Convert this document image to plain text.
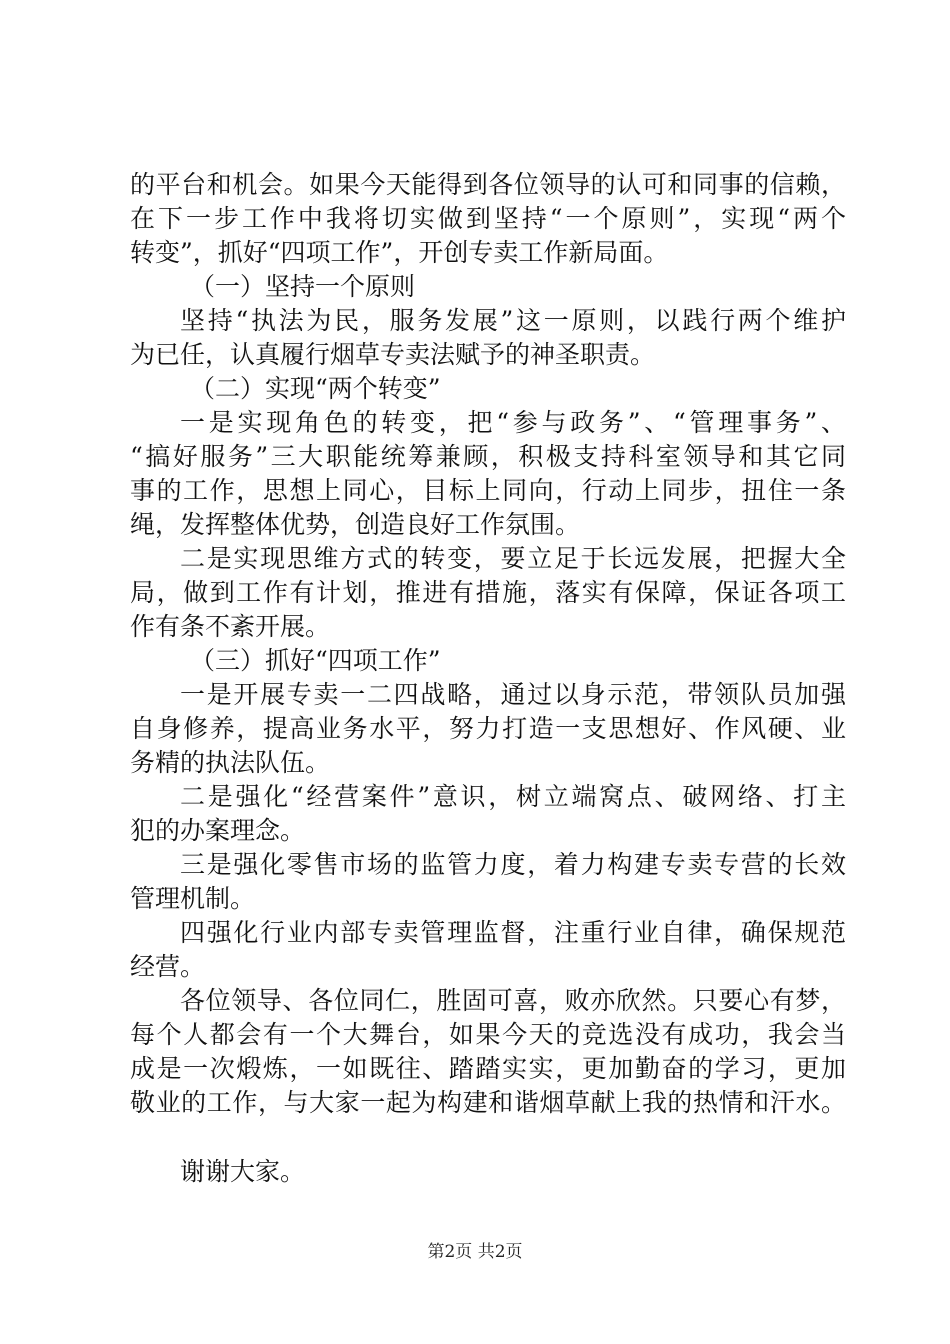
的平台和机会。如果今天能得到各位领导的认可和同事的信赖，
在下一步工作中我将切实做到坚持“一个原则”，实现“两个
转变”，抓好“四项工作”，开创专卖工作新局面。
（一）坚持一个原则
坚持“执法为民，服务发展”这一原则，以践行两个维护
为已任，认真履行烟草专卖法赋予的神圣职责。
（二）实现“两个转变”
一是实现角色的转变，把“参与政务”、“管理事务”、
“搞好服务”三大职能统筹兼顾，积极支持科室领导和其它同
事的工作，思想上同心，目标上同向，行动上同步，扭住一条
绳，发挥整体优势，创造良好工作氛围。
二是实现思维方式的转变，要立足于长远发展，把握大全
局，做到工作有计划，推进有措施，落实有保障，保证各项工
作有条不紊开展。
（三）抓好“四项工作”
一是开展专卖一二四战略，通过以身示范，带领队员加强
自身修养，提高业务水平，努力打造一支思想好、作风硬、业
务精的执法队伍。
二是强化“经营案件”意识，树立端窝点、破网络、打主
犯的办案理念。
三是强化零售市场的监管力度，着力构建专卖专营的长效
管理机制。
四强化行业内部专卖管理监督，注重行业自律，确保规范
经营。
各位领导、各位同仁，胜固可喜，败亦欣然。只要心有梦，
每个人都会有一个大舞台，如果今天的竞选没有成功，我会当
成是一次煅炼，一如既往、踏踏实实，更加勤奋的学习，更加
敬业的工作，与大家一起为构建和谐烟草献上我的热情和汗水。
谢谢大家。
第2页 共2页
